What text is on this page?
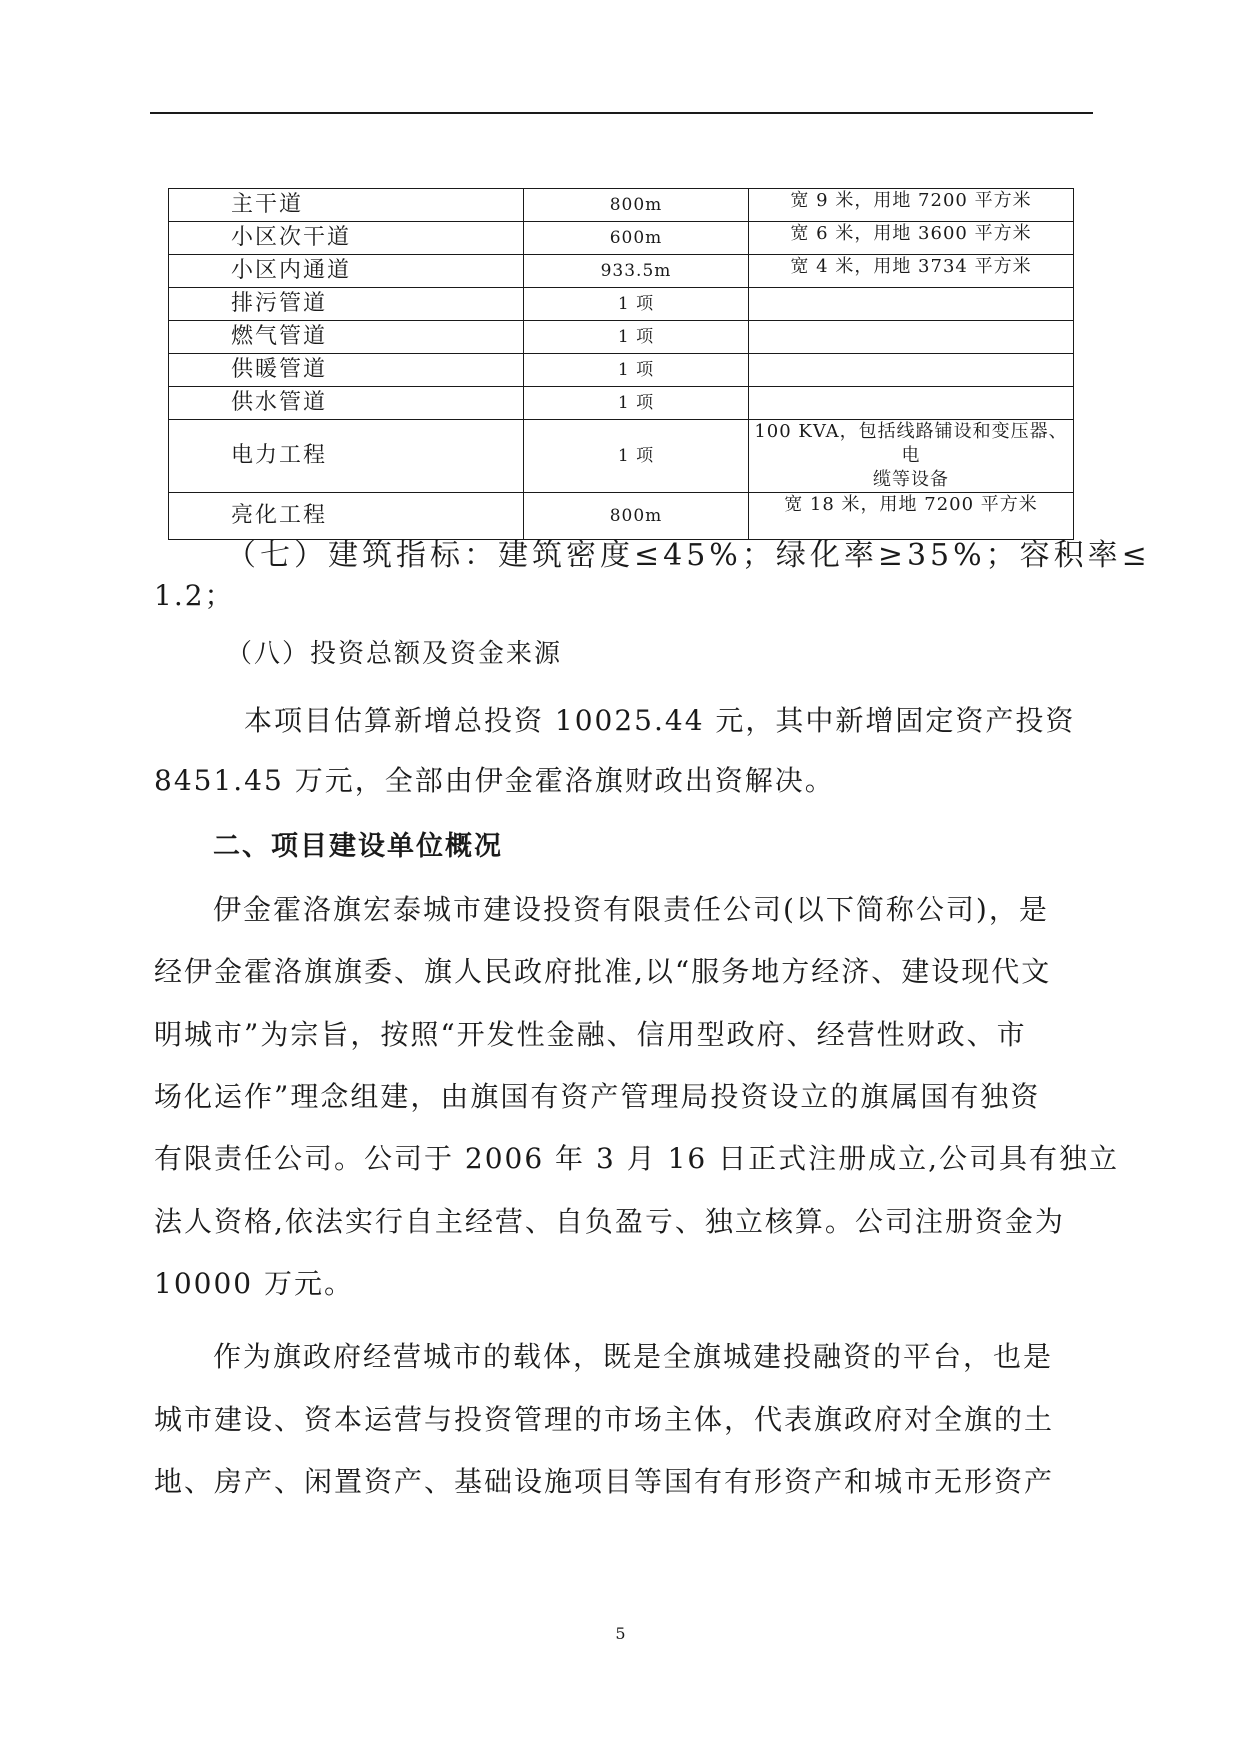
主干道	800m	宽 9 米，用地 7200 平方米
小区次干道	600m	宽 6 米，用地 3600 平方米
小区内通道	933.5m	宽 4 米，用地 3734 平方米
排污管道	1 项	
燃气管道	1 项	
供暖管道	1 项	
供水管道	1 项	
电力工程	1 项	100 KVA，包括线路铺设和变压器、电
缆等设备

亮化工程	800m	宽 18 米，用地 7200 平方米

（七）建筑指标：建筑密度≤45%；绿化率≥35%；容积率≤

1.2；

（八）投资总额及资金来源

本项目估算新增总投资 10025.44 元，其中新增固定资产投资

8451.45 万元，全部由伊金霍洛旗财政出资解决。

二、项目建设单位概况

伊金霍洛旗宏泰城市建设投资有限责任公司(以下简称公司)，是

经伊金霍洛旗旗委、旗人民政府批准,以“服务地方经济、建设现代文

明城市”为宗旨，按照“开发性金融、信用型政府、经营性财政、市

场化运作”理念组建，由旗国有资产管理局投资设立的旗属国有独资

有限责任公司。公司于 2006 年 3 月 16 日正式注册成立,公司具有独立

法人资格,依法实行自主经营、自负盈亏、独立核算。公司注册资金为

10000 万元。

作为旗政府经营城市的载体，既是全旗城建投融资的平台，也是

城市建设、资本运营与投资管理的市场主体，代表旗政府对全旗的土

地、房产、闲置资产、基础设施项目等国有有形资产和城市无形资产

5
